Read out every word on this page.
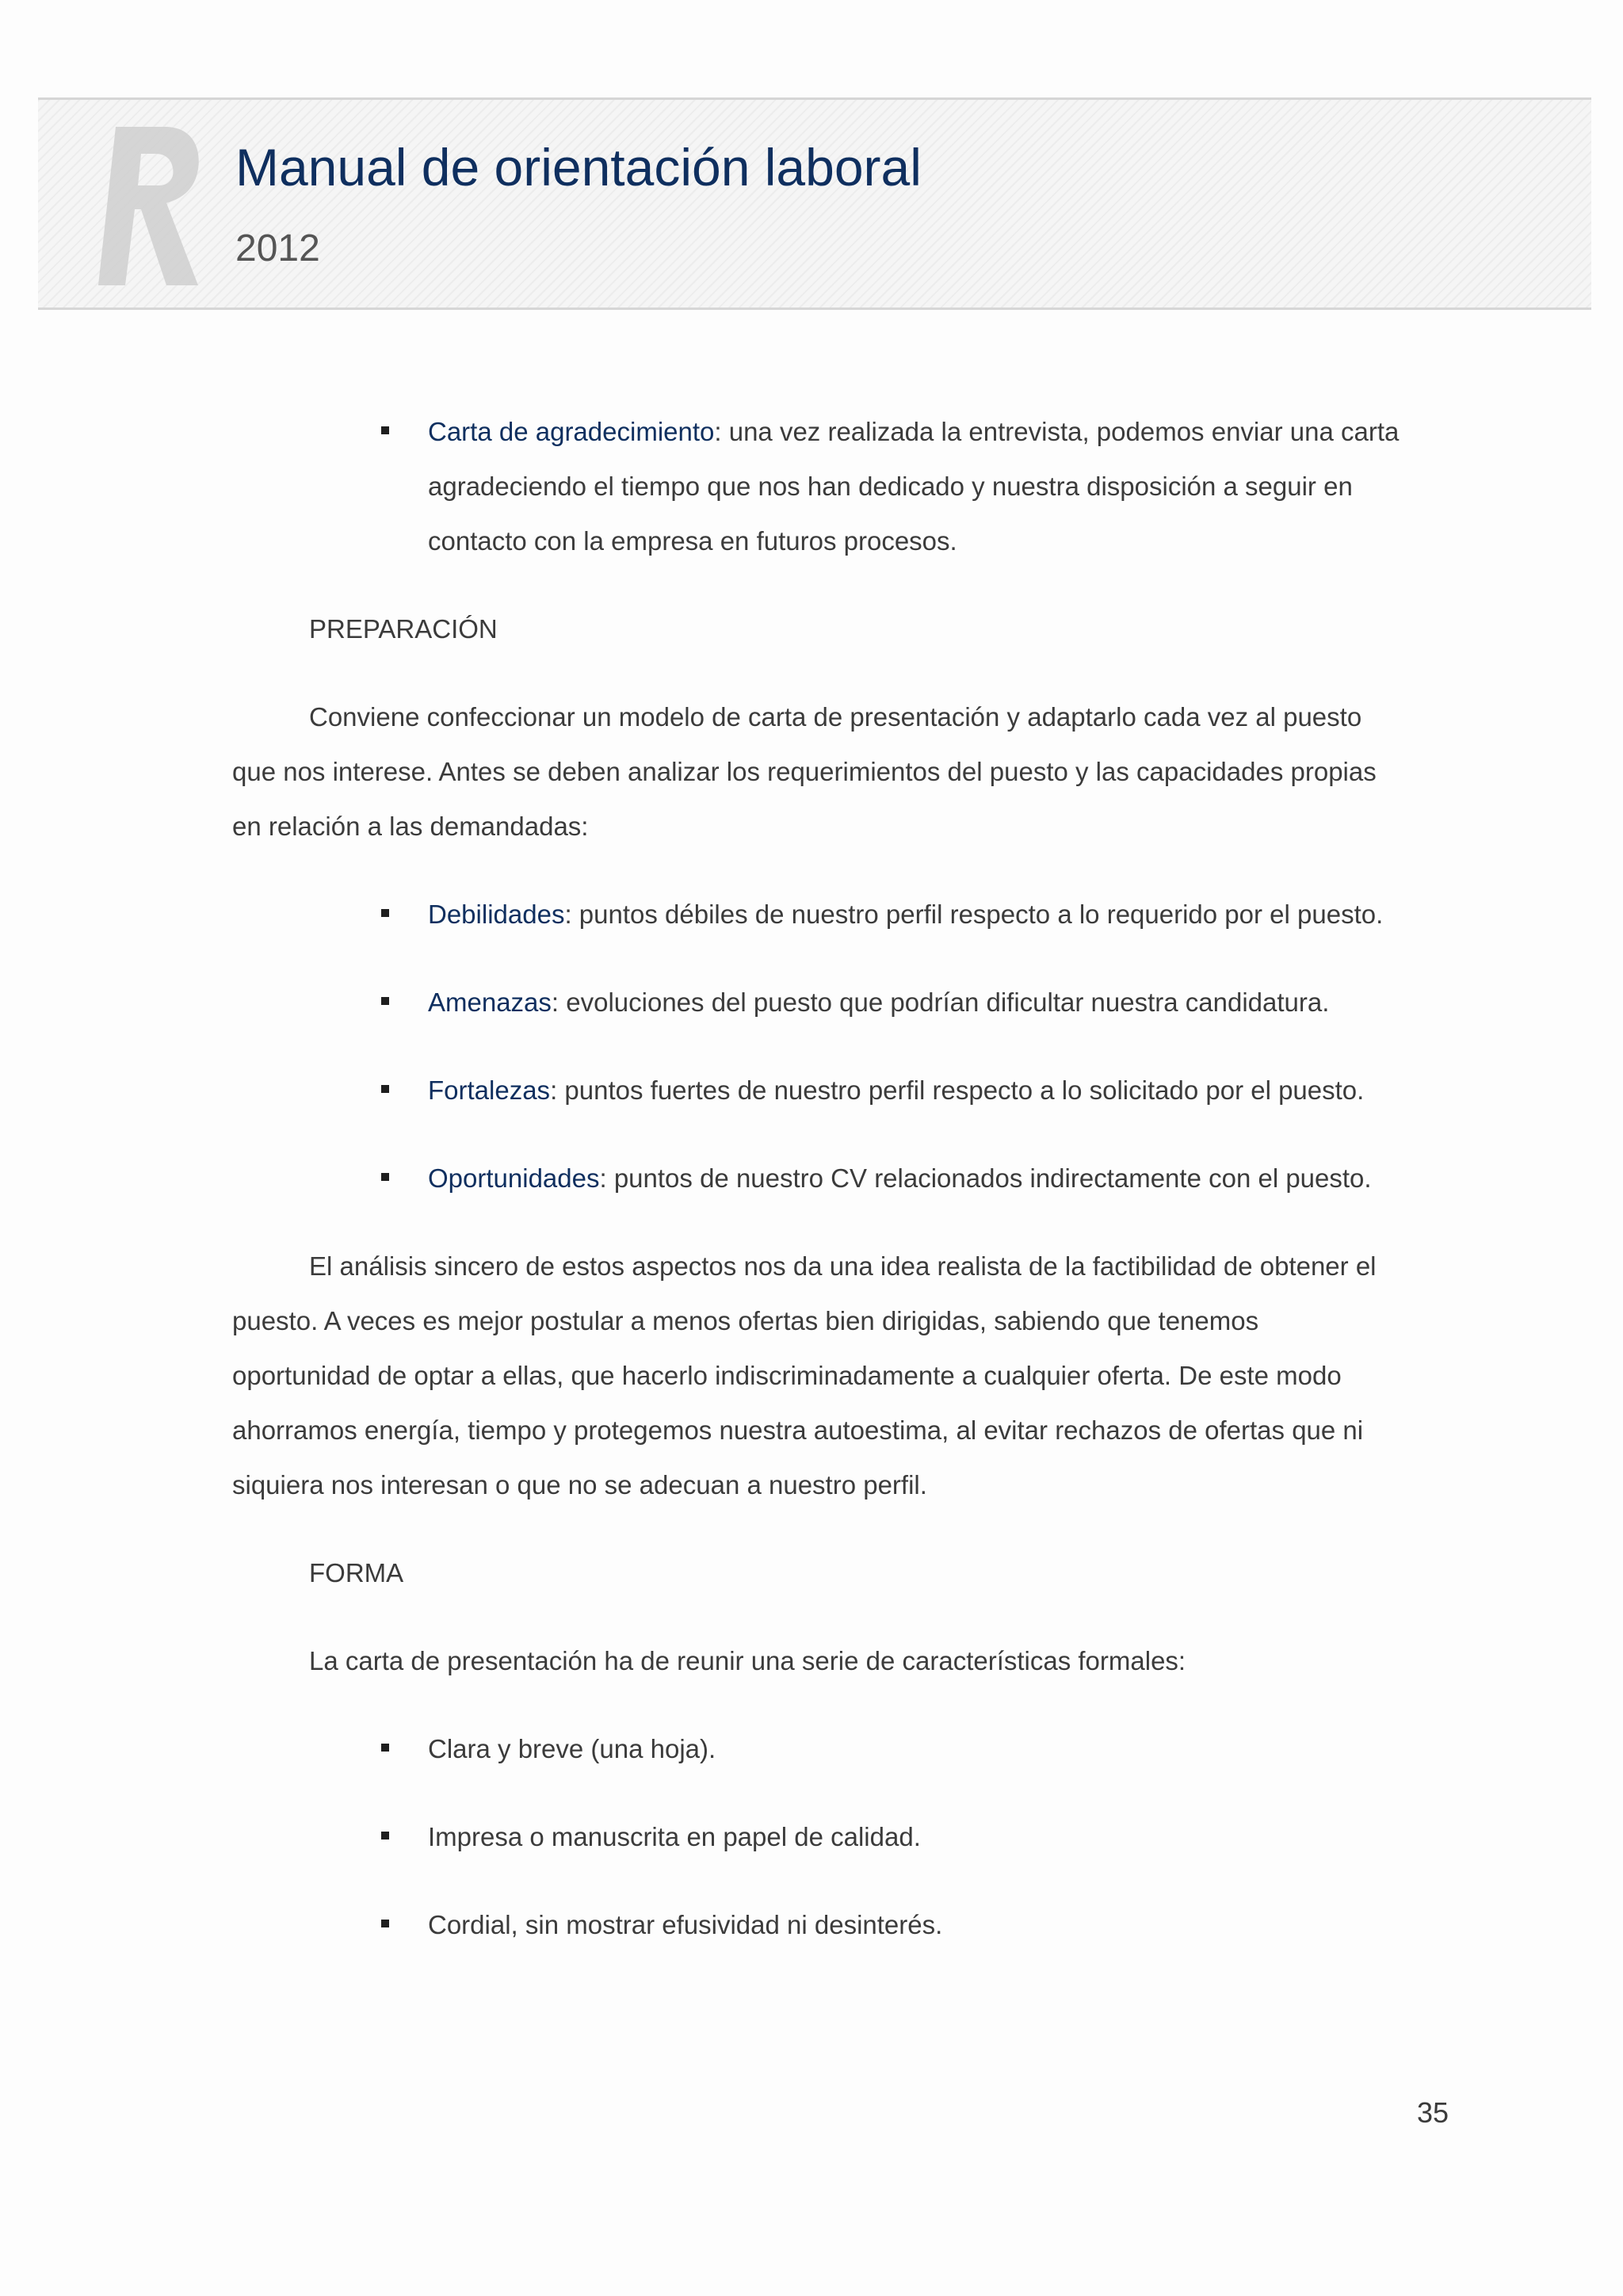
Manual de orientación laboral
2012
Carta de agradecimiento: una vez realizada la entrevista, podemos enviar una carta
agradeciendo el tiempo que nos han dedicado y nuestra disposición a seguir en
contacto con la empresa en futuros procesos.

PREPARACIÓN

Conviene confeccionar un modelo de carta de presentación y adaptarlo cada vez al puesto
que nos interese. Antes se deben analizar los requerimientos del puesto y las capacidades propias
en relación a las demandadas:
Debilidades: puntos débiles de nuestro perfil respecto a lo requerido por el puesto.
Amenazas: evoluciones del puesto que podrían dificultar nuestra candidatura.
Fortalezas: puntos fuertes de nuestro perfil respecto a lo solicitado por el puesto.
Oportunidades: puntos de nuestro CV relacionados indirectamente con el puesto.
El análisis sincero de estos aspectos nos da una idea realista de la factibilidad de obtener el
puesto. A veces es mejor postular a menos ofertas bien dirigidas, sabiendo que tenemos
oportunidad de optar a ellas, que hacerlo indiscriminadamente a cualquier oferta. De este modo
ahorramos energía, tiempo y protegemos nuestra autoestima, al evitar rechazos de ofertas que ni
siquiera nos interesan o que no se adecuan a nuestro perfil.

FORMA

La carta de presentación ha de reunir una serie de características formales:

Clara y breve (una hoja).
Impresa o manuscrita en papel de calidad.
Cordial, sin mostrar efusividad ni desinterés.
35
